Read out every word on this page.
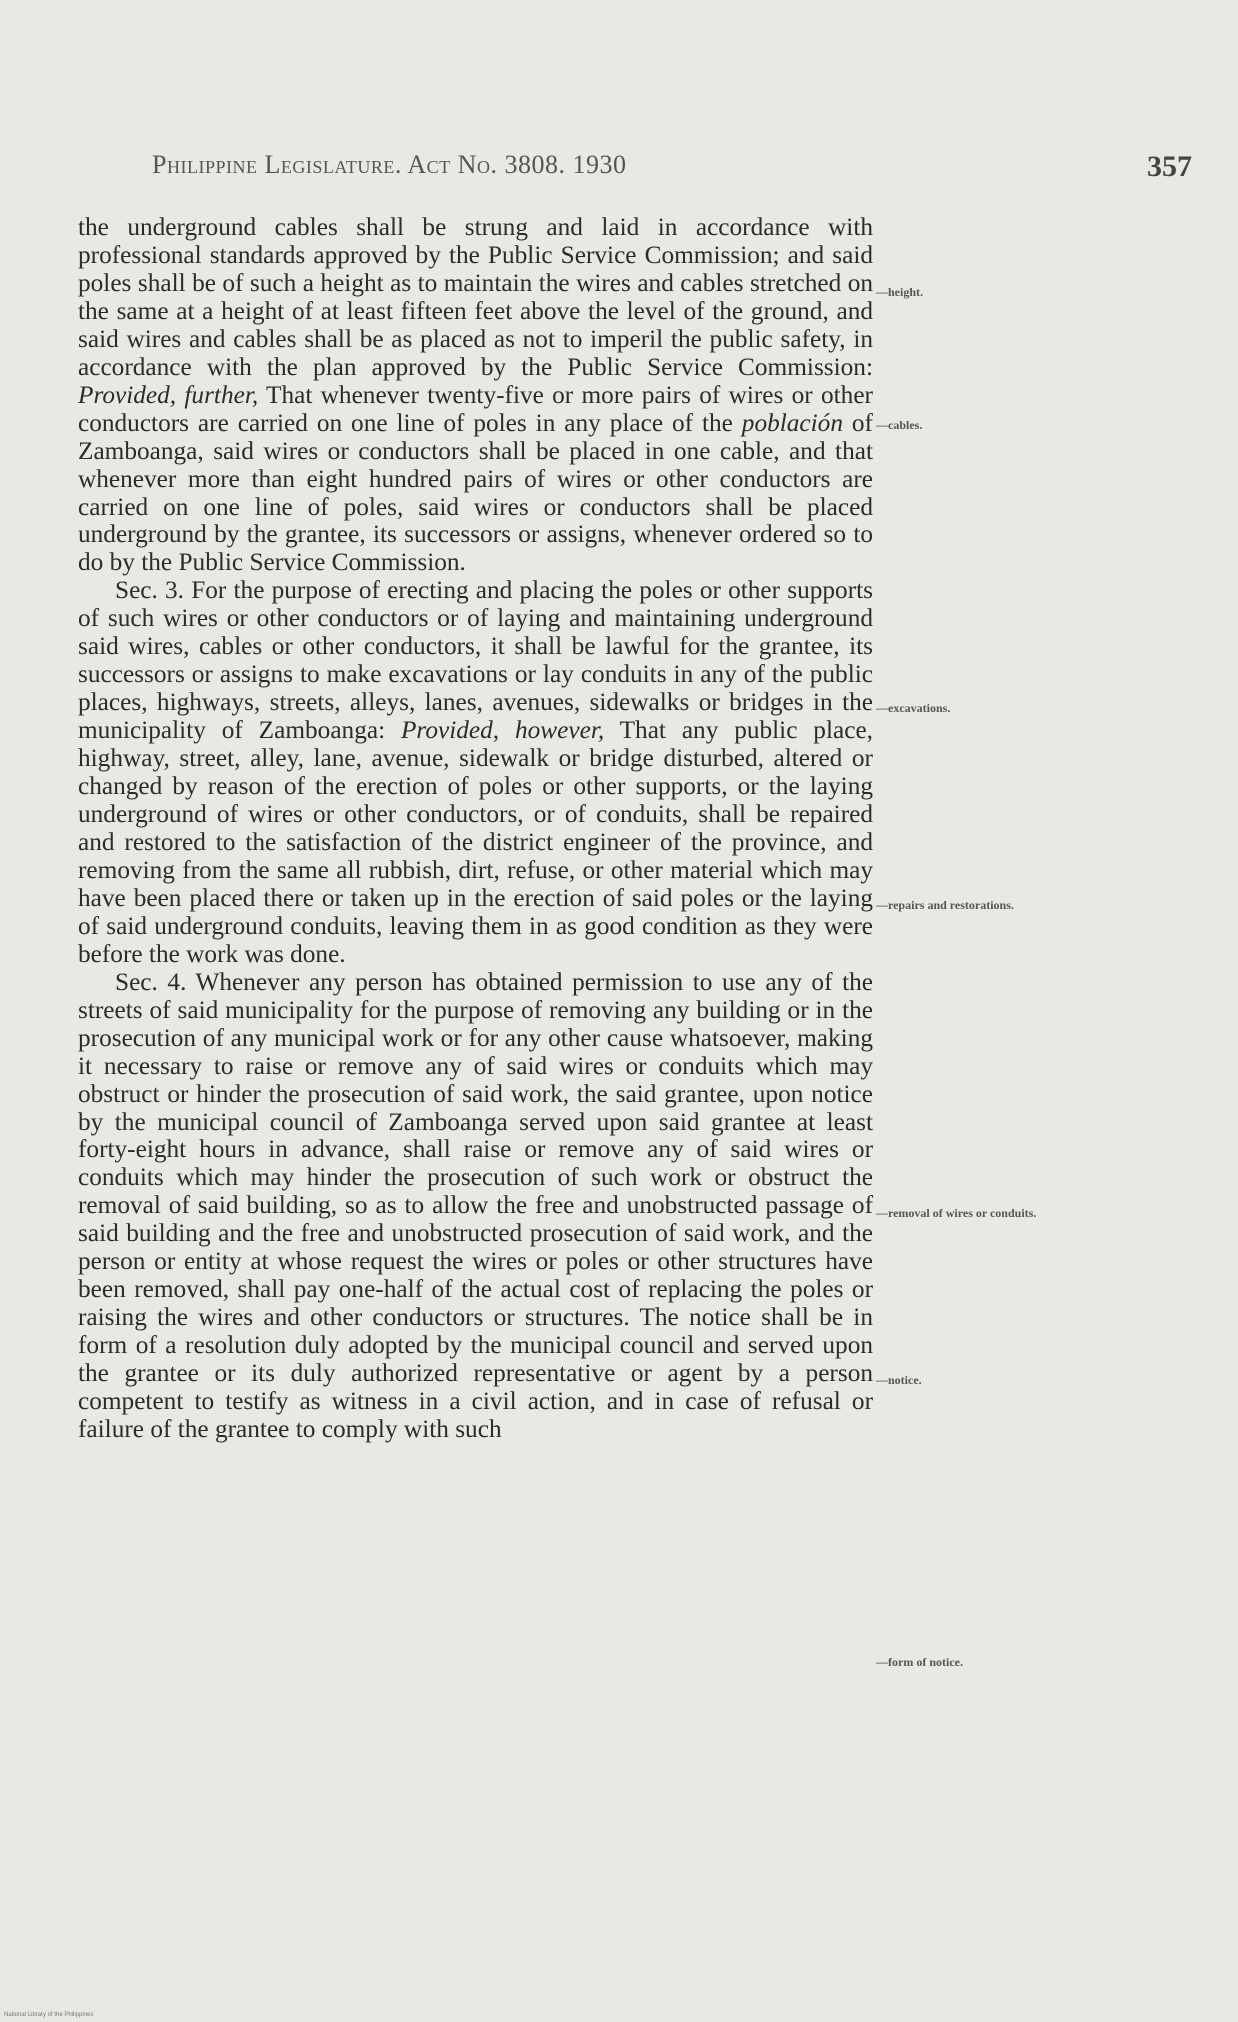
Philippine Legislature. Act No. 3808. 1930	357

the underground cables shall be strung and laid in accordance with professional standards approved by the Public Service Commission; and said poles shall be of such a height as to maintain the wires and cables stretched on the same at a height of at least fifteen feet above the level of the ground, and said wires and cables shall be as placed as not to imperil the public safety, in accordance with the plan approved by the Public Service Commission: Provided, further, That whenever twenty-five or more pairs of wires or other conductors are carried on one line of poles in any place of the población of Zamboanga, said wires or conductors shall be placed in one cable, and that whenever more than eight hundred pairs of wires or other conductors are carried on one line of poles, said wires or conductors shall be placed underground by the grantee, its successors or assigns, whenever ordered so to do by the Public Service Commission.

Sec. 3. For the purpose of erecting and placing the poles or other supports of such wires or other conductors or of laying and maintaining underground said wires, cables or other conductors, it shall be lawful for the grantee, its successors or assigns to make excavations or lay conduits in any of the public places, highways, streets, alleys, lanes, avenues, sidewalks or bridges in the municipality of Zamboanga: Provided, however, That any public place, highway, street, alley, lane, avenue, sidewalk or bridge disturbed, altered or changed by reason of the erection of poles or other supports, or the laying underground of wires or other conductors, or of conduits, shall be repaired and restored to the satisfaction of the district engineer of the province, and removing from the same all rubbish, dirt, refuse, or other material which may have been placed there or taken up in the erection of said poles or the laying of said underground conduits, leaving them in as good condition as they were before the work was done.

Sec. 4. Whenever any person has obtained permission to use any of the streets of said municipality for the purpose of removing any building or in the prosecution of any municipal work or for any other cause whatsoever, making it necessary to raise or remove any of said wires or conduits which may obstruct or hinder the prosecution of said work, the said grantee, upon notice by the municipal council of Zamboanga served upon said grantee at least forty-eight hours in advance, shall raise or remove any of said wires or conduits which may hinder the prosecution of such work or obstruct the removal of said building, so as to allow the free and unobstructed passage of said building and the free and unobstructed prosecution of said work, and the person or entity at whose request the wires or poles or other structures have been removed, shall pay one-half of the actual cost of replacing the poles or raising the wires and other conductors or structures. The notice shall be in form of a resolution duly adopted by the municipal council and served upon the grantee or its duly authorized representative or agent by a person competent to testify as witness in a civil action, and in case of refusal or failure of the grantee to comply with such

—height.
—cables.
—excavations.
—repairs and restorations.
—removal of wires or conduits.
—notice.
—form of notice.
National Library of the Philippines
